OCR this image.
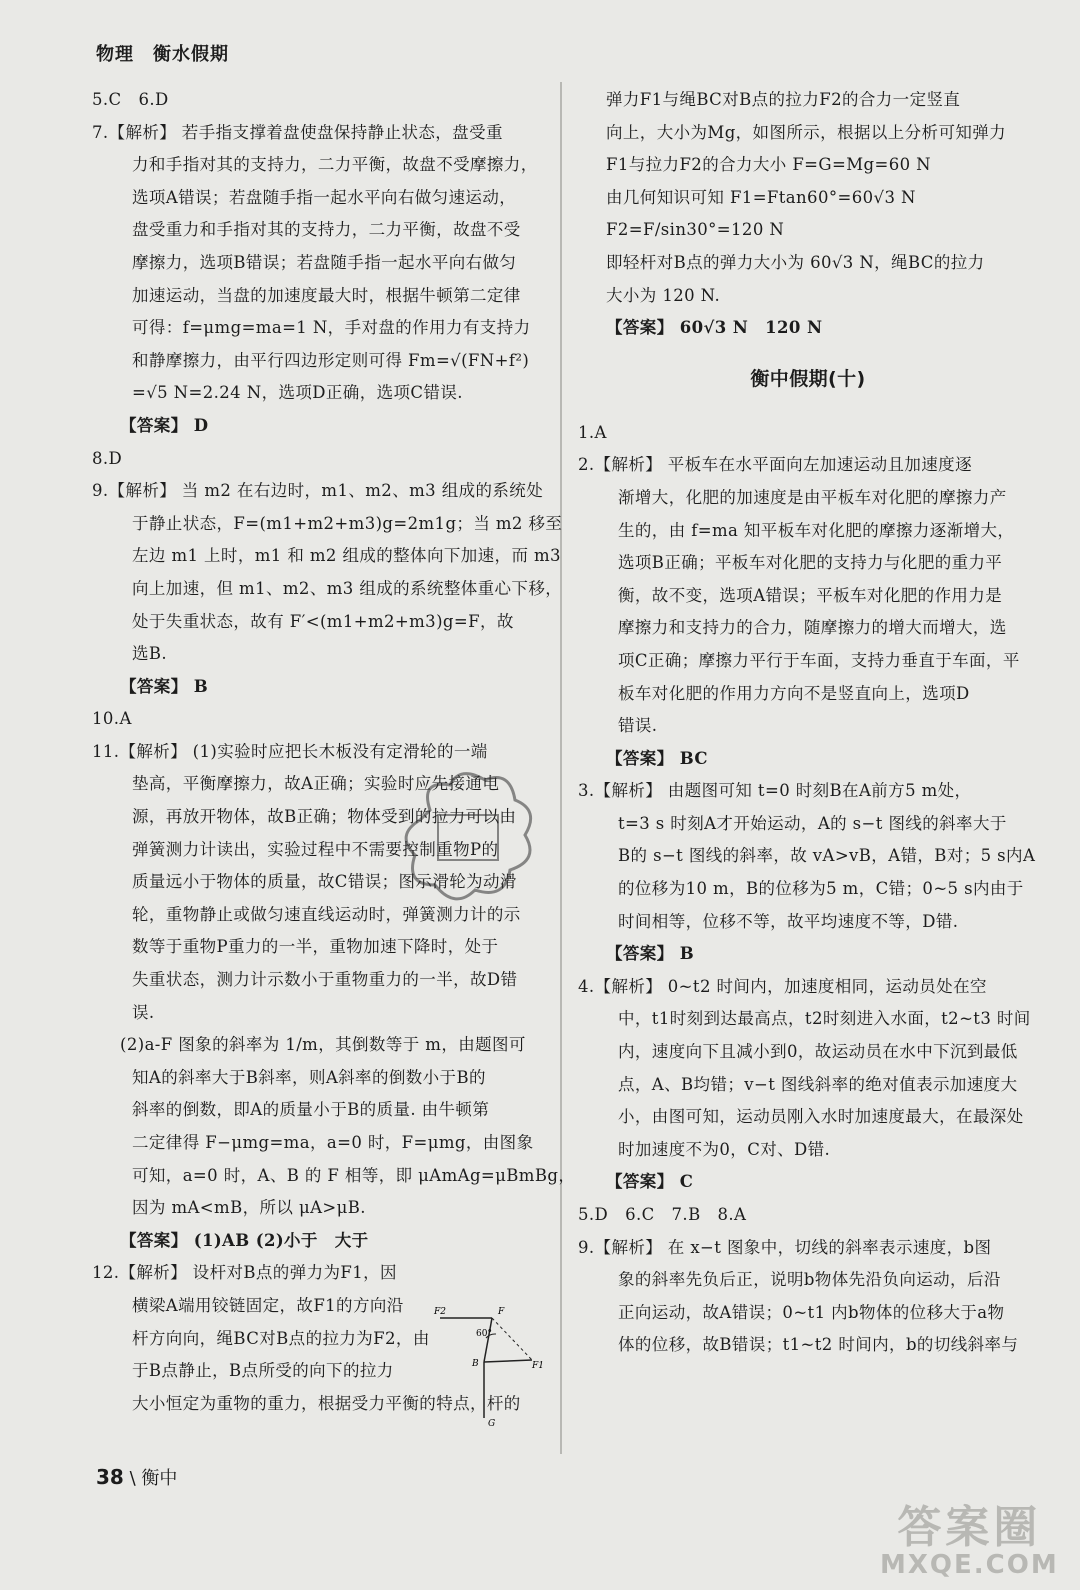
物理　衡水假期
5.C　6.D
7.【解析】 若手指支撑着盘使盘保持静止状态，盘受重
力和手指对其的支持力，二力平衡，故盘不受摩擦力，
选项A错误；若盘随手指一起水平向右做匀速运动，
盘受重力和手指对其的支持力，二力平衡，故盘不受
摩擦力，选项B错误；若盘随手指一起水平向右做匀
加速运动，当盘的加速度最大时，根据牛顿第二定律
可得：f=μmg=ma=1 N，手对盘的作用力有支持力
和静摩擦力，由平行四边形定则可得 Fm=√(FN+f²)
=√5 N=2.24 N，选项D正确，选项C错误.
【答案】 D
8.D
9.【解析】 当 m2 在右边时，m1、m2、m3 组成的系统处
于静止状态，F=(m1+m2+m3)g=2m1g；当 m2 移至
左边 m1 上时，m1 和 m2 组成的整体向下加速，而 m3
向上加速，但 m1、m2、m3 组成的系统整体重心下移，
处于失重状态，故有 F′<(m1+m2+m3)g=F，故
选B.
【答案】 B
10.A
11.【解析】 (1)实验时应把长木板没有定滑轮的一端
垫高，平衡摩擦力，故A正确；实验时应先接通电
源，再放开物体，故B正确；物体受到的拉力可以由
弹簧测力计读出，实验过程中不需要控制重物P的
质量远小于物体的质量，故C错误；图示滑轮为动滑
轮，重物静止或做匀速直线运动时，弹簧测力计的示
数等于重物P重力的一半，重物加速下降时，处于
失重状态，测力计示数小于重物重力的一半，故D错
误.
(2)a-F 图象的斜率为 1/m，其倒数等于 m，由题图可
知A的斜率大于B斜率，则A斜率的倒数小于B的
斜率的倒数，即A的质量小于B的质量. 由牛顿第
二定律得 F−μmg=ma，a=0 时，F=μmg，由图象
可知，a=0 时，A、B 的 F 相等，即 μAmAg=μBmBg，
因为 mA<mB，所以 μA>μB.
【答案】 (1)AB (2)小于　大于
12.【解析】 设杆对B点的弹力为F1，因
横梁A端用铰链固定，故F1的方向沿
杆方向向，绳BC对B点的拉力为F2，由
于B点静止，B点所受的向下的拉力
大小恒定为重物的重力，根据受力平衡的特点，杆的
弹力F1与绳BC对B点的拉力F2的合力一定竖直
向上，大小为Mg，如图所示，根据以上分析可知弹力
F1与拉力F2的合力大小 F=G=Mg=60 N
由几何知识可知 F1=Ftan60°=60√3 N
F2=F/sin30°=120 N
即轻杆对B点的弹力大小为 60√3 N，绳BC的拉力
大小为 120 N.
【答案】 60√3 N　120 N
衡中假期(十)
1.A
2.【解析】 平板车在水平面向左加速运动且加速度逐
渐增大，化肥的加速度是由平板车对化肥的摩擦力产
生的，由 f=ma 知平板车对化肥的摩擦力逐渐增大，
选项B正确；平板车对化肥的支持力与化肥的重力平
衡，故不变，选项A错误；平板车对化肥的作用力是
摩擦力和支持力的合力，随摩擦力的增大而增大，选
项C正确；摩擦力平行于车面，支持力垂直于车面，平
板车对化肥的作用力方向不是竖直向上，选项D
错误.
【答案】 BC
3.【解析】 由题图可知 t=0 时刻B在A前方5 m处，
t=3 s 时刻A才开始运动，A的 s−t 图线的斜率大于
B的 s−t 图线的斜率，故 vA>vB，A错，B对；5 s内A
的位移为10 m，B的位移为5 m，C错；0~5 s内由于
时间相等，位移不等，故平均速度不等，D错.
【答案】 B
4.【解析】 0~t2 时间内，加速度相同，运动员处在空
中，t1时刻到达最高点，t2时刻进入水面，t2~t3 时间
内，速度向下且减小到0，故运动员在水中下沉到最低
点，A、B均错；v−t 图线斜率的绝对值表示加速度大
小，由图可知，运动员刚入水时加速度最大，在最深处
时加速度不为0，C对、D错.
【答案】 C
5.D　6.C　7.B　8.A
9.【解析】 在 x−t 图象中，切线的斜率表示速度，b图
象的斜率先负后正，说明b物体先沿负向运动，后沿
正向运动，故A错误；0~t1 内b物体的位移大于a物
体的位移，故B错误；t1~t2 时间内，b的切线斜率与
F2	F
60°
B	F1
G
38 \ 衡中
答案圈
MXQE.COM
